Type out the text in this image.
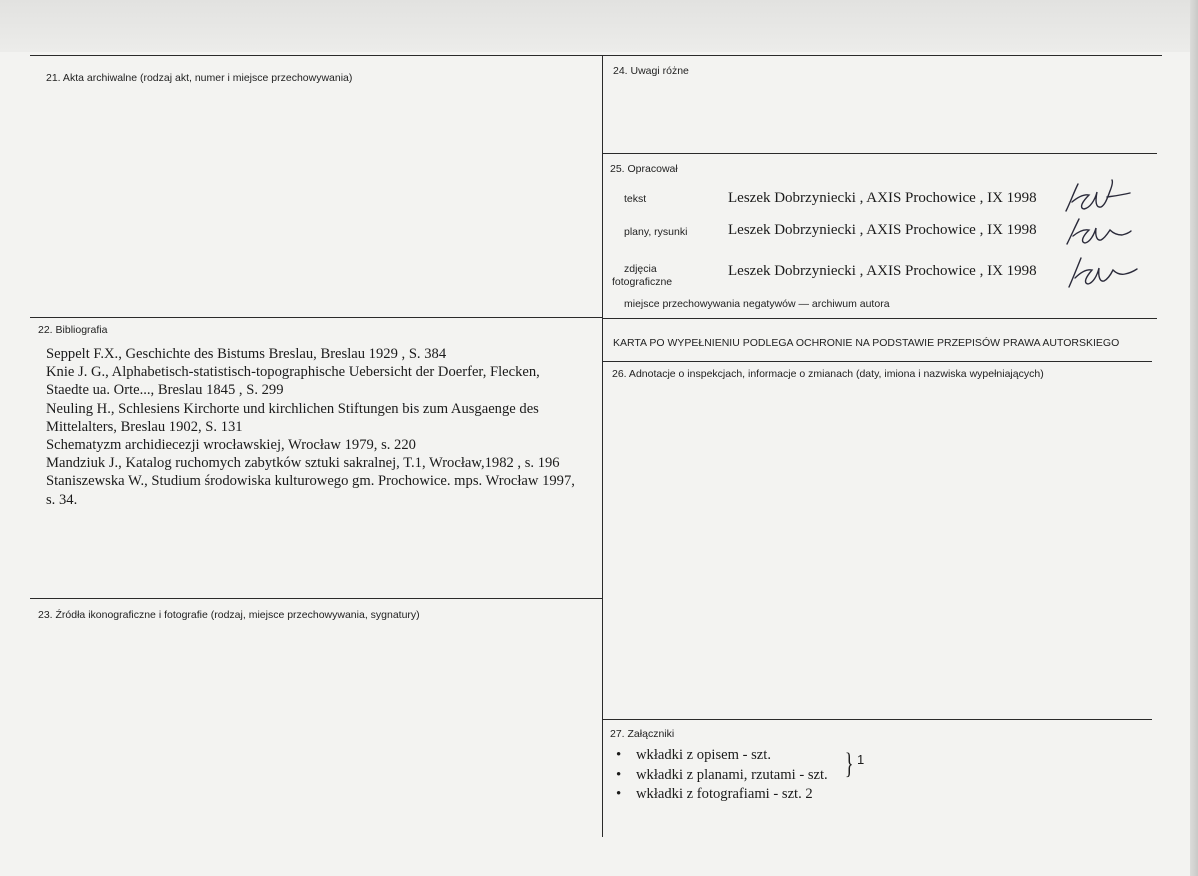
21. Akta archiwalne (rodzaj akt, numer i miejsce przechowywania)
22. Bibliografia
Seppelt F.X., Geschichte des Bistums Breslau, Breslau 1929 , S. 384
Knie J. G., Alphabetisch-statistisch-topographische Uebersicht der Doerfer, Flecken, Staedte ua. Orte..., Breslau 1845 , S. 299
Neuling H., Schlesiens Kirchorte und kirchlichen Stiftungen bis zum Ausgaenge des Mittelalters, Breslau 1902, S. 131
Schematyzm archidiecezji wrocławskiej, Wrocław 1979, s. 220
Mandziuk J., Katalog ruchomych zabytków sztuki sakralnej, T.1, Wrocław,1982 , s. 196
Staniszewska W., Studium środowiska kulturowego gm. Prochowice. mps. Wrocław 1997, s. 34.
23. Źródła ikonograficzne i fotografie (rodzaj, miejsce przechowywania, sygnatury)
24. Uwagi różne
25. Opracował
tekst	Leszek Dobrzyniecki , AXIS Prochowice , IX 1998
plany, rysunki	Leszek Dobrzyniecki , AXIS Prochowice , IX 1998
zdjęcia
fotograficzne
Leszek Dobrzyniecki , AXIS Prochowice , IX 1998
miejsce przechowywania negatywów — archiwum autora
KARTA PO WYPEŁNIENIU PODLEGA OCHRONIE NA PODSTAWIE PRZEPISÓW PRAWA AUTORSKIEGO
26. Adnotacje o inspekcjach, informacje o zmianach (daty, imiona i nazwiska wypełniających)
27. Załączniki
• wkładki z opisem - szt.
• wkładki z planami, rzutami - szt.
• wkładki z fotografiami - szt. 2
} 1
